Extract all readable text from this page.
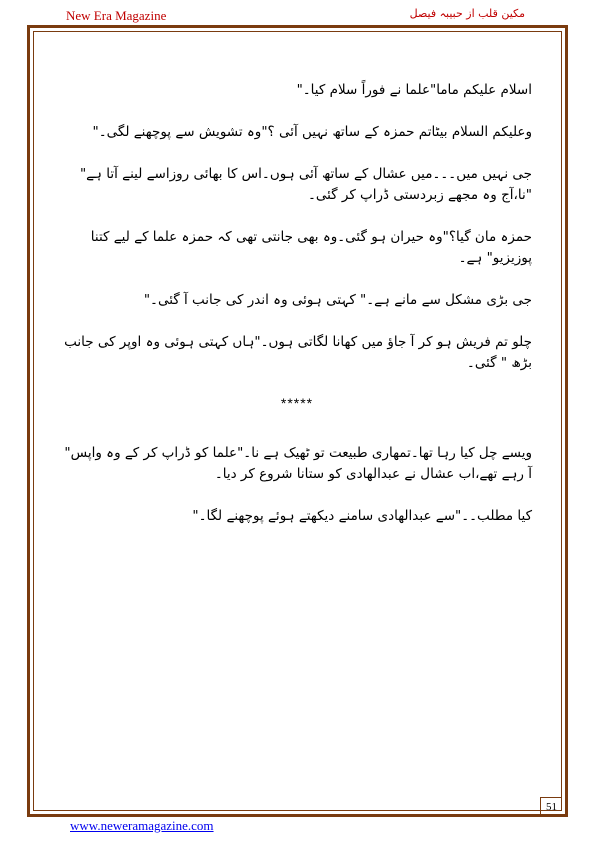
New Era Magazine	مکین قلب از حبیبہ فیصل

اسلام علیکم ماما"علما نے فوراً سلام کیا۔"

وعلیکم السلام بیٹاتم حمزہ کے ساتھ نہیں آئی ؟"وہ تشویش سے پوچھنے لگی۔"

جی نہیں میں۔۔۔میں عشال کے ساتھ آئی ہوں۔اس کا بھائی روزاسے لینے آتا ہے" "نا،آج وہ مجھے زبردستی ڈراپ کر گئی۔

حمزہ مان گیا؟"وہ حیران ہو گئی۔وہ بھی جانتی تھی کہ حمزہ علما کے لیے کتنا پوزیزیو" ہے۔

جی بڑی مشکل سے مانے ہے۔" کہتی ہوئی وہ اندر کی جانب آ گئی۔"

چلو تم فریش ہو کر آ جاؤ میں کھانا لگاتی ہوں۔"ہاں کہتی ہوئی وہ اوپر کی جانب بڑھ " گئی۔

*****

ویسے چل کیا رہا تھا۔تمھاری طبیعت تو ٹھیک ہے نا۔"علما کو ڈراپ کر کے وہ واپس" آ رہے تھے،اب عشال نے عبدالھادی کو ستانا شروع کر دیا۔

کیا مطلب۔۔"سے عبدالھادی سامنے دیکھتے ہوئے پوچھنے لگا۔"

51
www.neweramagazine.com
